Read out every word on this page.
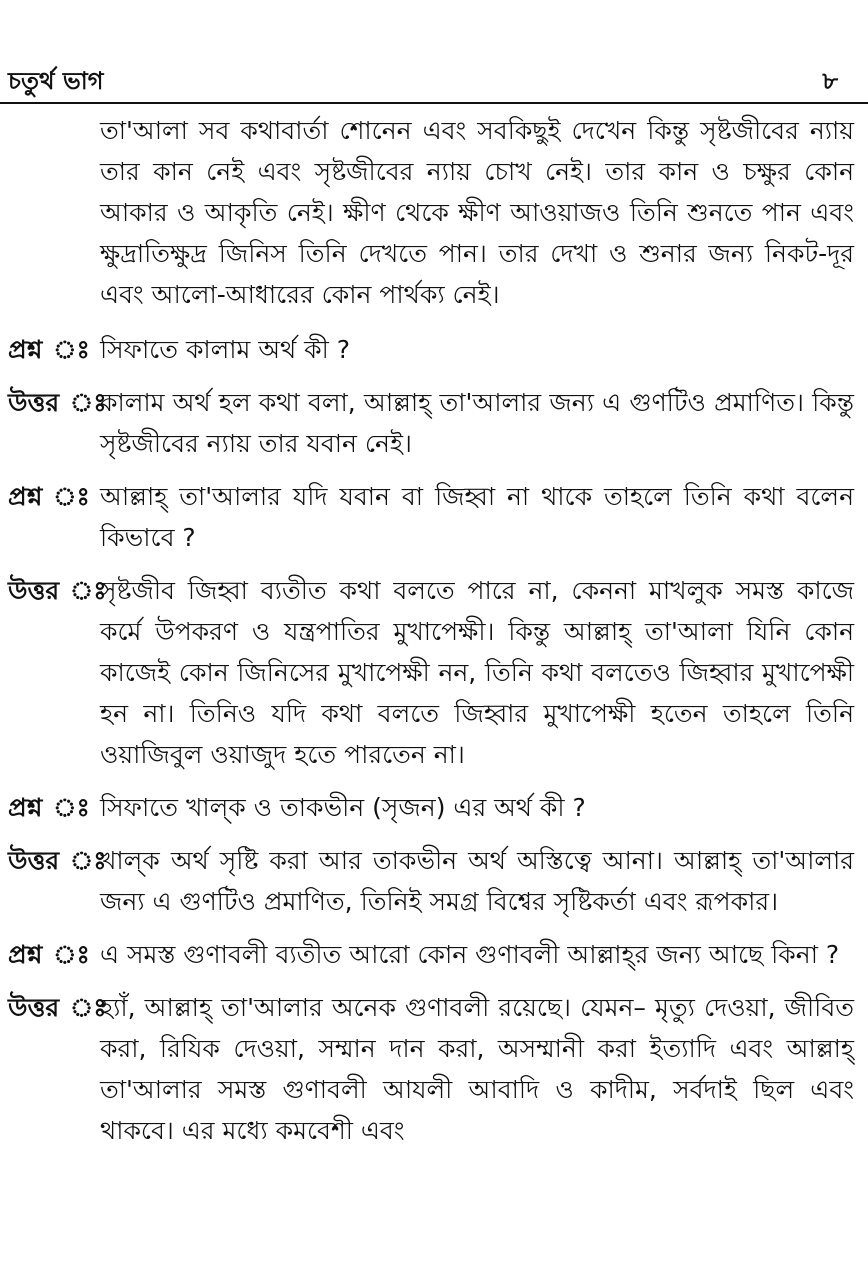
চতুর্থ ভাগ	৮

তা'আলা সব কথাবার্তা শোনেন এবং সবকিছুই দেখেন কিন্তু সৃষ্টজীবের ন্যায় তার কান নেই এবং সৃষ্টজীবের ন্যায় চোখ নেই। তার কান ও চক্ষুর কোন আকার ও আকৃতি নেই। ক্ষীণ থেকে ক্ষীণ আওয়াজও তিনি শুনতে পান এবং ক্ষুদ্রাতিক্ষুদ্র জিনিস তিনি দেখতে পান। তার দেখা ও শুনার জন্য নিকট-দূর এবং আলো-আধারের কোন পার্থক্য নেই।

প্রশ্ন ঃ সিফাতে কালাম অর্থ কী ?
উত্তর ঃ
কালাম অর্থ হল কথা বলা, আল্লাহ্ তা'আলার জন্য এ গুণটিও প্রমাণিত। কিন্তু সৃষ্টজীবের ন্যায় তার যবান নেই।
প্রশ্ন ঃ আল্লাহ্ তা'আলার যদি যবান বা জিহ্বা না থাকে তাহলে তিনি কথা বলেন কিভাবে ?
উত্তর ঃ
সৃষ্টজীব জিহ্বা ব্যতীত কথা বলতে পারে না, কেননা মাখলুক সমস্ত কাজে কর্মে উপকরণ ও যন্ত্রপাতির মুখাপেক্ষী। কিন্তু আল্লাহ্ তা'আলা যিনি কোন কাজেই কোন জিনিসের মুখাপেক্ষী নন, তিনি কথা বলতেও জিহ্বার মুখাপেক্ষী হন না। তিনিও যদি কথা বলতে জিহ্বার মুখাপেক্ষী হতেন তাহলে তিনি ওয়াজিবুল ওয়াজুদ হতে পারতেন না।
প্রশ্ন ঃ সিফাতে খাল্‌ক ও তাকভীন (সৃজন) এর অর্থ কী ?
উত্তর ঃ
খাল্‌ক অর্থ সৃষ্টি করা আর তাকভীন অর্থ অস্তিত্বে আনা। আল্লাহ্ তা'আলার জন্য এ গুণটিও প্রমাণিত, তিনিই সমগ্র বিশ্বের সৃষ্টিকর্তা এবং রূপকার।
প্রশ্ন ঃ এ সমস্ত গুণাবলী ব্যতীত আরো কোন গুণাবলী আল্লাহ্‌র জন্য আছে কিনা ?
উত্তর ঃ
হ্যাঁ, আল্লাহ্ তা'আলার অনেক গুণাবলী রয়েছে। যেমন– মৃত্যু দেওয়া, জীবিত করা, রিযিক দেওয়া, সম্মান দান করা, অসম্মানী করা ইত্যাদি এবং আল্লাহ্ তা'আলার সমস্ত গুণাবলী আযলী আবাদি ও কাদীম, সর্বদাই ছিল এবং থাকবে। এর মধ্যে কমবেশী এবং
